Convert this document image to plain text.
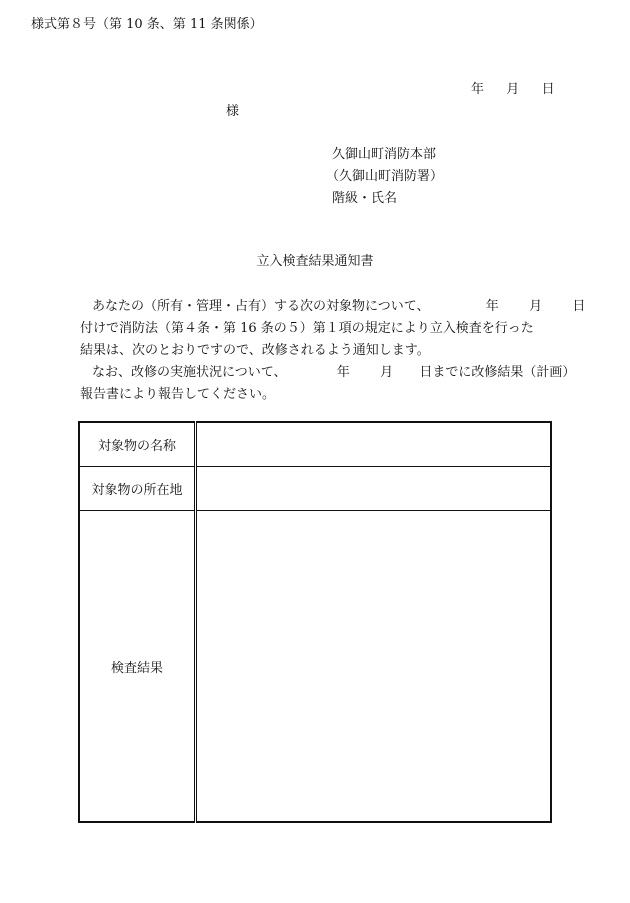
様式第８号（第 10 条、第 11 条関係）
年 月 日
様
久御山町消防本部
（久御山町消防署）
階級・氏名
立入検査結果通知書
あなたの（所有・管理・占有）する次の対象物について、	年 月 日
付けで消防法（第４条・第 16 条の５）第１項の規定により立入検査を行った
結果は、次のとおりですので、改修されるよう通知します。
なお、改修の実施状況について、	年 月 日までに改修結果（計画）
報告書により報告してください。
対象物の名称	
対象物の所在地	
検査結果	
